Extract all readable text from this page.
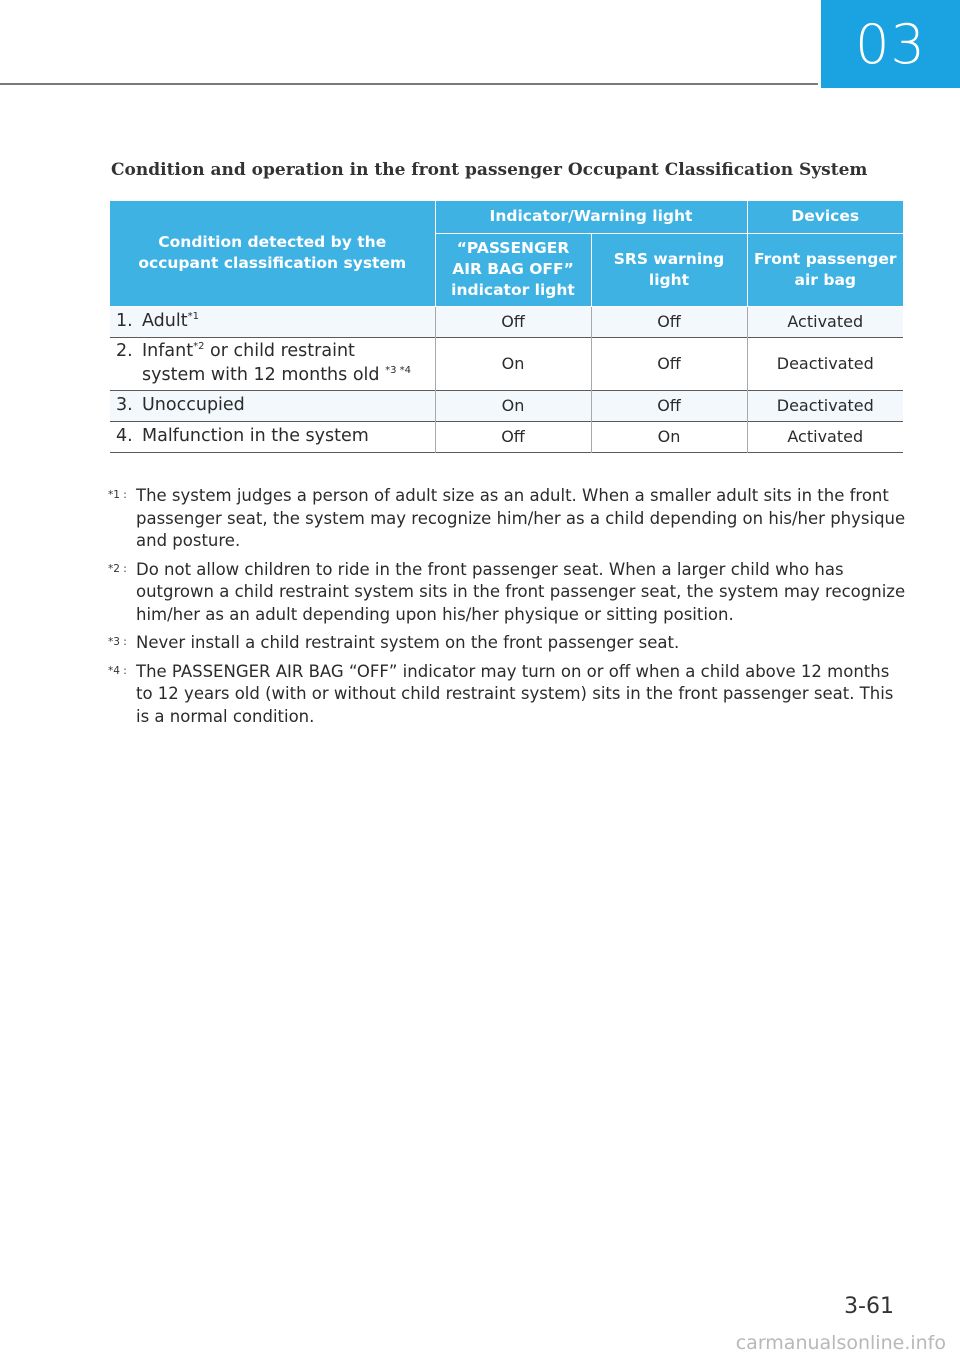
03
Condition and operation in the front passenger Occupant Classification System
Condition detected by the occupant classification system	Indicator/Warning light		Devices
	“PASSENGER AIR BAG OFF” indicator light	SRS warning light	Front passenger air bag
1. Adult$^{*1}$	Off	Off	Activated
2. Infant$^{*2}$ or child restraint
system with 12 months old $^{*3 *4}$	On	Off	Deactivated
3. Unoccupied	On	Off	Deactivated
4. Malfunction in the system	Off	On	Activated
*1 : The system judges a person of adult size as an adult. When a smaller adult sits in the front passenger seat, the system may recognize him/her as a child depending on his/her physique and posture.
*2 : Do not allow children to ride in the front passenger seat. When a larger child who has outgrown a child restraint system sits in the front passenger seat, the system may recognize him/her as an adult depending upon his/her physique or sitting position.
*3 : Never install a child restraint system on the front passenger seat.
*4 : The PASSENGER AIR BAG “OFF” indicator may turn on or off when a child above 12 months to 12 years old (with or without child restraint system) sits in the front passenger seat. This is a normal condition.
3-61
carmanualsonline.info
